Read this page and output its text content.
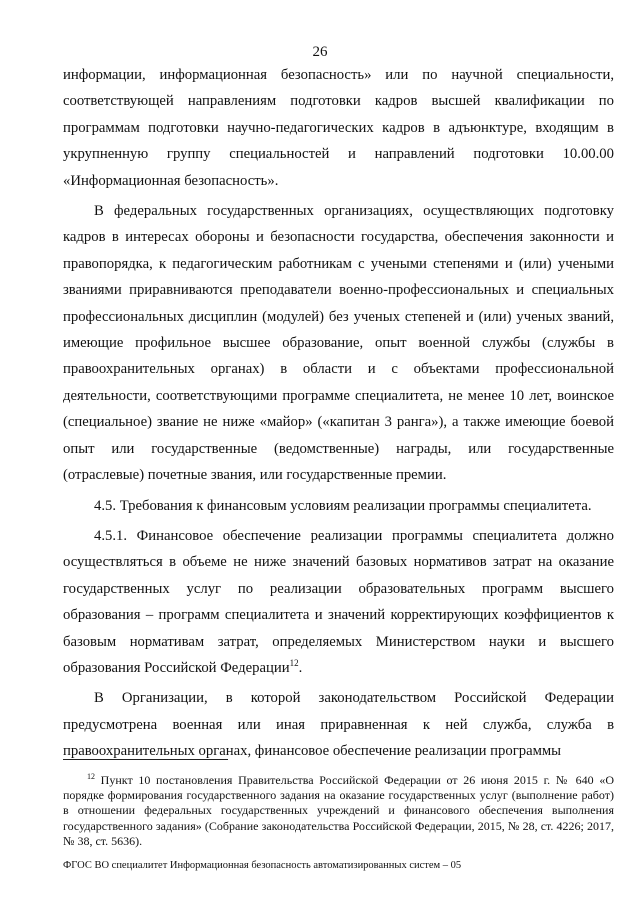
26

информации, информационная безопасность» или по научной специальности, соответствующей направлениям подготовки кадров высшей квалификации по программам подготовки научно-педагогических кадров в адъюнктуре, входящим в укрупненную группу специальностей и направлений подготовки 10.00.00 «Информационная безопасность».

В федеральных государственных организациях, осуществляющих подготовку кадров в интересах обороны и безопасности государства, обеспечения законности и правопорядка, к педагогическим работникам с учеными степенями и (или) учеными званиями приравниваются преподаватели военно-профессиональных и специальных профессиональных дисциплин (модулей) без ученых степеней и (или) ученых званий, имеющие профильное высшее образование, опыт военной службы (службы в правоохранительных органах) в области и с объектами профессиональной деятельности, соответствующими программе специалитета, не менее 10 лет, воинское (специальное) звание не ниже «майор» («капитан 3 ранга»), а также имеющие боевой опыт или государственные (ведомственные) награды, или государственные (отраслевые) почетные звания, или государственные премии.

4.5. Требования к финансовым условиям реализации программы специалитета.

4.5.1. Финансовое обеспечение реализации программы специалитета должно осуществляться в объеме не ниже значений базовых нормативов затрат на оказание государственных услуг по реализации образовательных программ высшего образования – программ специалитета и значений корректирующих коэффициентов к базовым нормативам затрат, определяемых Министерством науки и высшего образования Российской Федерации$^{12}$.

В Организации, в которой законодательством Российской Федерации предусмотрена военная или иная приравненная к ней служба, служба в правоохранительных органах, финансовое обеспечение реализации программы

$^{12}$ Пункт 10 постановления Правительства Российской Федерации от 26 июня 2015 г. № 640 «О порядке формирования государственного задания на оказание государственных услуг (выполнение работ) в отношении федеральных государственных учреждений и финансового обеспечения выполнения государственного задания» (Собрание законодательства Российской Федерации, 2015, № 28, ст. 4226; 2017, № 38, ст. 5636).

ФГОС ВО специалитет Информационная безопасность автоматизированных систем – 05
